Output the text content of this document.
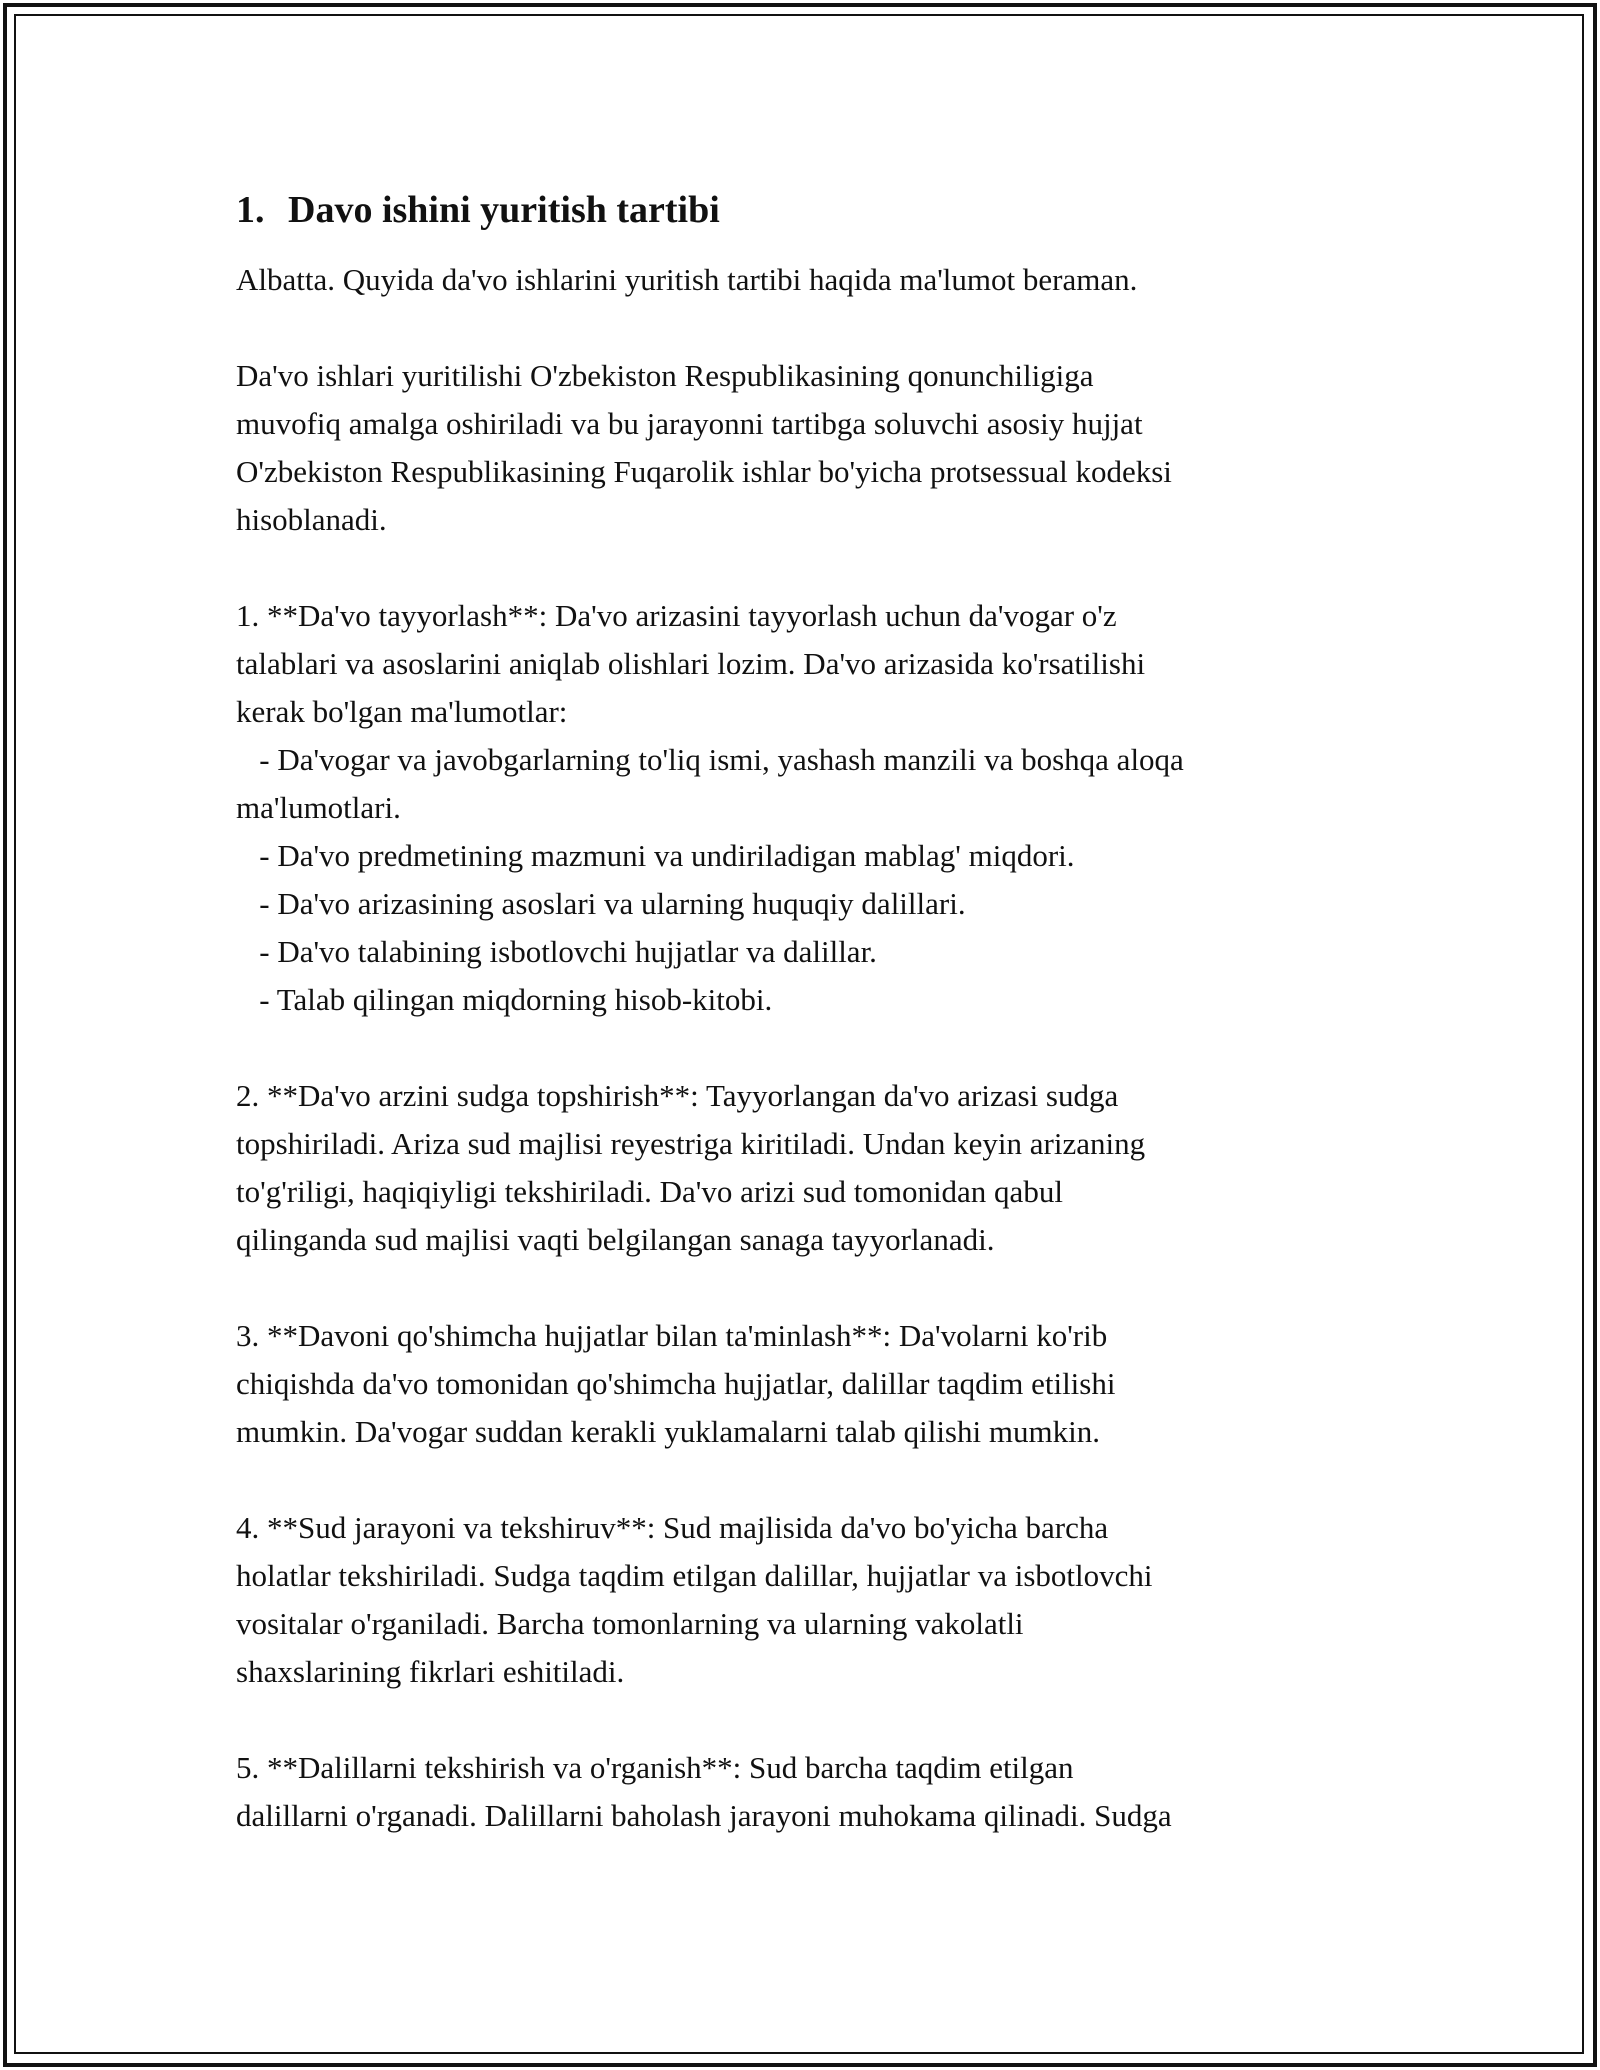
1. Davo ishini yuritish tartibi
Albatta. Quyida da'vo ishlarini yuritish tartibi haqida ma'lumot beraman.
Da'vo ishlari yuritilishi O'zbekiston Respublikasining qonunchiligiga
muvofiq amalga oshiriladi va bu jarayonni tartibga soluvchi asosiy hujjat
O'zbekiston Respublikasining Fuqarolik ishlar bo'yicha protsessual kodeksi
hisoblanadi.
1. **Da'vo tayyorlash**: Da'vo arizasini tayyorlash uchun da'vogar o'z
talablari va asoslarini aniqlab olishlari lozim. Da'vo arizasida ko'rsatilishi
kerak bo'lgan ma'lumotlar:
- Da'vogar va javobgarlarning to'liq ismi, yashash manzili va boshqa aloqa
ma'lumotlari.
- Da'vo predmetining mazmuni va undiriladigan mablag' miqdori.
- Da'vo arizasining asoslari va ularning huquqiy dalillari.
- Da'vo talabining isbotlovchi hujjatlar va dalillar.
- Talab qilingan miqdorning hisob-kitobi.
2. **Da'vo arzini sudga topshirish**: Tayyorlangan da'vo arizasi sudga
topshiriladi. Ariza sud majlisi reyestriga kiritiladi. Undan keyin arizaning
to'g'riligi, haqiqiyligi tekshiriladi. Da'vo arizi sud tomonidan qabul
qilinganda sud majlisi vaqti belgilangan sanaga tayyorlanadi.
3. **Davoni qo'shimcha hujjatlar bilan ta'minlash**: Da'volarni ko'rib
chiqishda da'vo tomonidan qo'shimcha hujjatlar, dalillar taqdim etilishi
mumkin. Da'vogar suddan kerakli yuklamalarni talab qilishi mumkin.
4. **Sud jarayoni va tekshiruv**: Sud majlisida da'vo bo'yicha barcha
holatlar tekshiriladi. Sudga taqdim etilgan dalillar, hujjatlar va isbotlovchi
vositalar o'rganiladi. Barcha tomonlarning va ularning vakolatli
shaxslarining fikrlari eshitiladi.
5. **Dalillarni tekshirish va o'rganish**: Sud barcha taqdim etilgan
dalillarni o'rganadi. Dalillarni baholash jarayoni muhokama qilinadi. Sudga
